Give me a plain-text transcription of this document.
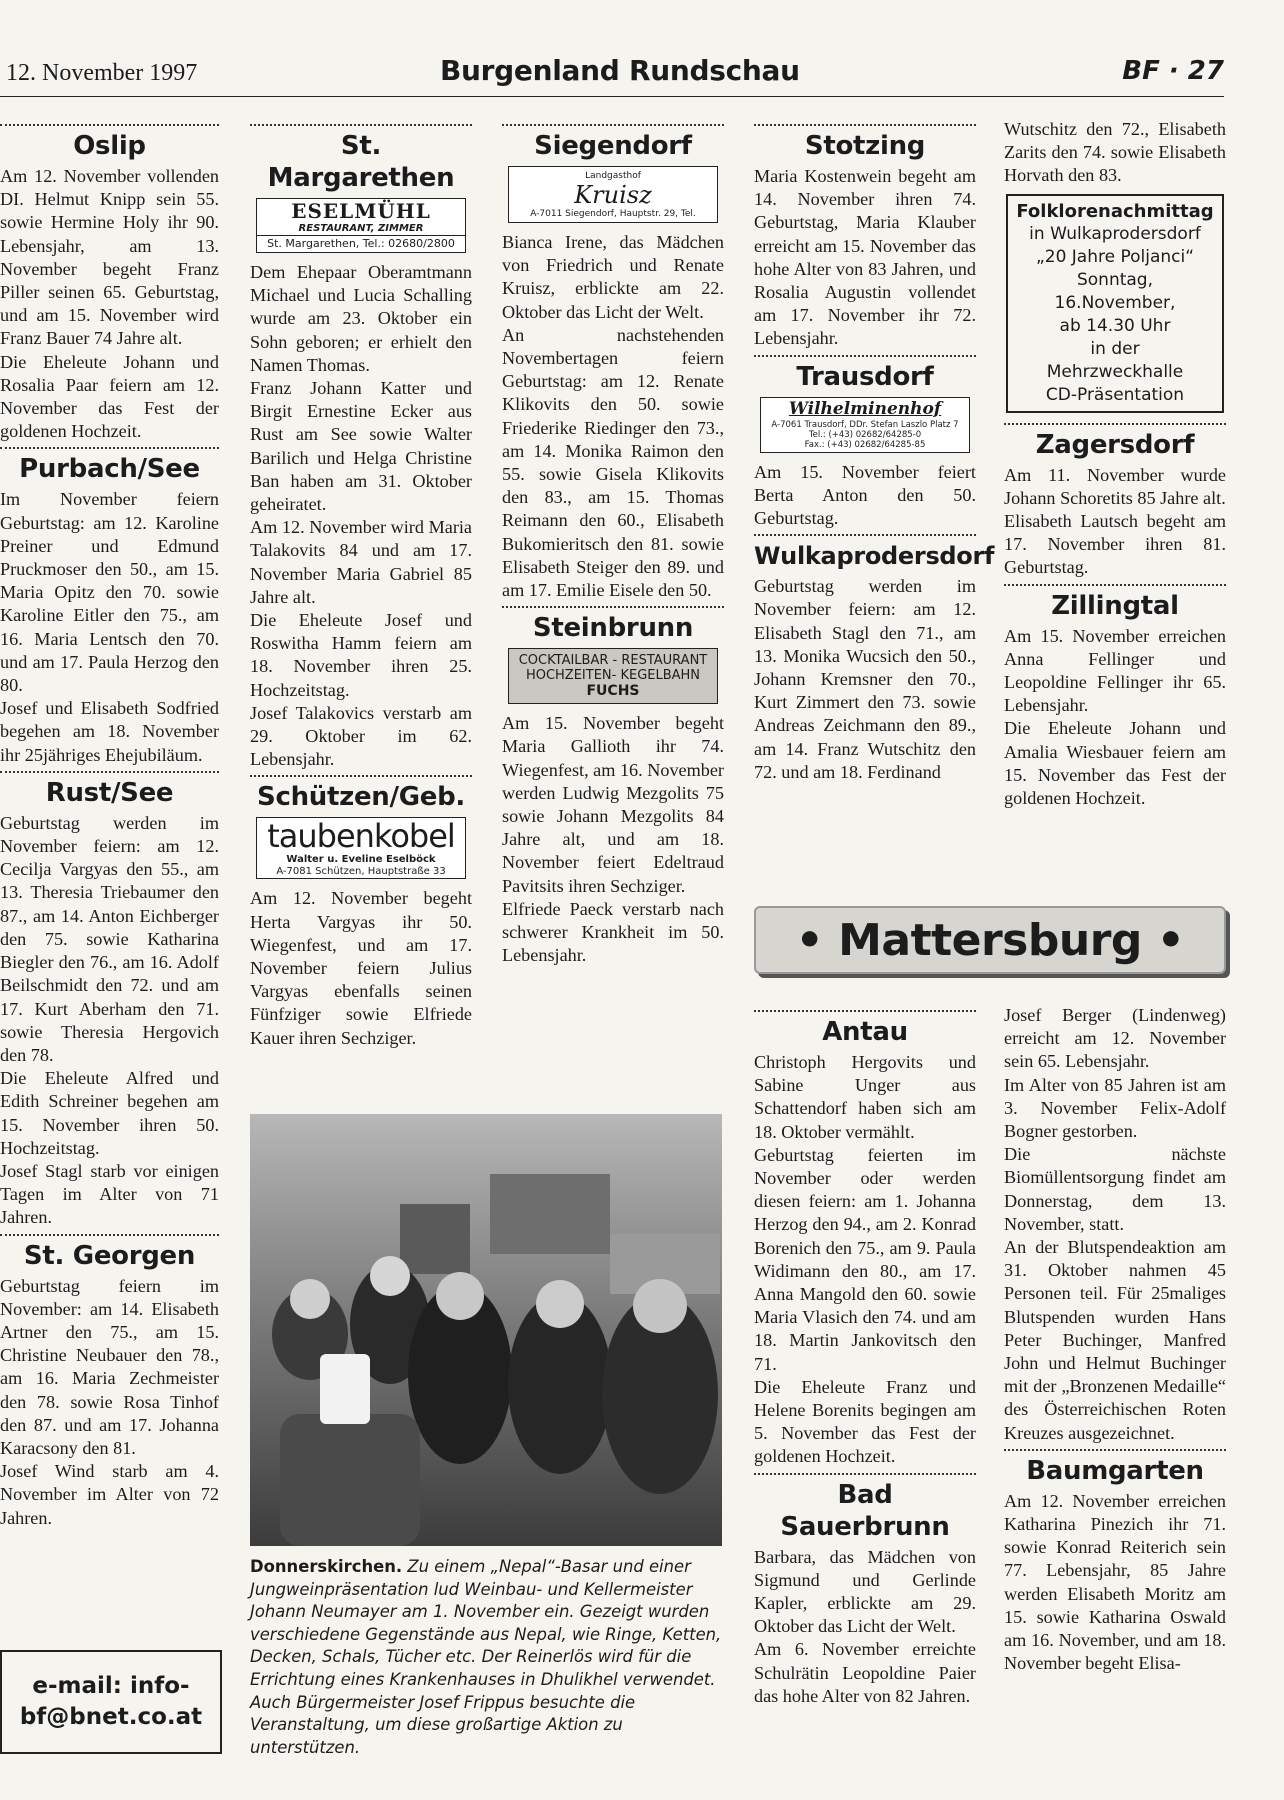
12. November 1997	Burgenland Rundschau	BF · 27
Oslip

Am 12. November vollenden DI. Helmut Knipp sein 55. sowie Hermine Holy ihr 90. Lebensjahr, am 13. November begeht Franz Piller seinen 65. Geburtstag, und am 15. November wird Franz Bauer 74 Jahre alt.

Die Eheleute Johann und Rosalia Paar feiern am 12. November das Fest der goldenen Hochzeit.

Purbach/See

Im November feiern Geburtstag: am 12. Karoline Preiner und Edmund Pruckmoser den 50., am 15. Maria Opitz den 70. sowie Karoline Eitler den 75., am 16. Maria Lentsch den 70. und am 17. Paula Herzog den 80.

Josef und Elisabeth Sodfried begehen am 18. November ihr 25jähriges Ehejubiläum.

Rust/See

Geburtstag werden im November feiern: am 12. Cecilja Vargyas den 55., am 13. Theresia Triebaumer den 87., am 14. Anton Eichberger den 75. sowie Katharina Biegler den 76., am 16. Adolf Beilschmidt den 72. und am 17. Kurt Aberham den 71. sowie Theresia Hergovich den 78.

Die Eheleute Alfred und Edith Schreiner begehen am 15. November ihren 50. Hochzeitstag.

Josef Stagl starb vor einigen Tagen im Alter von 71 Jahren.

St. Georgen

Geburtstag feiern im November: am 14. Elisabeth Artner den 75., am 15. Christine Neubauer den 78., am 16. Maria Zechmeister den 78. sowie Rosa Tinhof den 87. und am 17. Johanna Karacsony den 81.

Josef Wind starb am 4. November im Alter von 72 Jahren.

e-mail: info-
bf@bnet.co.at
St. Margarethen
ESELMÜHL
RESTAURANT, ZIMMER
St. Margarethen, Tel.: 02680/2800

Dem Ehepaar Oberamtmann Michael und Lucia Schalling wurde am 23. Oktober ein Sohn geboren; er erhielt den Namen Thomas.

Franz Johann Katter und Birgit Ernestine Ecker aus Rust am See sowie Walter Barilich und Helga Christine Ban haben am 31. Oktober geheiratet.

Am 12. November wird Maria Talakovits 84 und am 17. November Maria Gabriel 85 Jahre alt.

Die Eheleute Josef und Roswitha Hamm feiern am 18. November ihren 25. Hochzeitstag.

Josef Talakovics verstarb am 29. Oktober im 62. Lebensjahr.

Schützen/Geb.
taubenkobel
Walter u. Eveline Eselböck
A-7081 Schützen, Hauptstraße 33

Am 12. November begeht Herta Vargyas ihr 50. Wiegenfest, und am 17. November feiern Julius Vargyas ebenfalls seinen Fünfziger sowie Elfriede Kauer ihren Sechziger.

Siegendorf
Landgasthof
Kruisz
A-7011 Siegendorf, Hauptstr. 29, Tel.

Bianca Irene, das Mädchen von Friedrich und Renate Kruisz, erblickte am 22. Oktober das Licht der Welt.

An nachstehenden Novembertagen feiern Geburtstag: am 12. Renate Klikovits den 50. sowie Friederike Riedinger den 73., am 14. Monika Raimon den 55. sowie Gisela Klikovits den 83., am 15. Thomas Reimann den 60., Elisabeth Bukomieritsch den 81. sowie Elisabeth Steiger den 89. und am 17. Emilie Eisele den 50.

Steinbrunn
COCKTAILBAR - RESTAURANT
HOCHZEITEN- KEGELBAHN
FUCHS

Am 15. November begeht Maria Gallioth ihr 74. Wiegenfest, am 16. November werden Ludwig Mezgolits 75 sowie Johann Mezgolits 84 Jahre alt, und am 18. November feiert Edeltraud Pavitsits ihren Sechziger.

Elfriede Paeck verstarb nach schwerer Krankheit im 50. Lebensjahr.

Stotzing

Maria Kostenwein begeht am 14. November ihren 74. Geburtstag, Maria Klauber erreicht am 15. November das hohe Alter von 83 Jahren, und Rosalia Augustin vollendet am 17. November ihr 72. Lebensjahr.

Trausdorf
Wilhelminenhof
A-7061 Trausdorf, DDr. Stefan Laszlo Platz 7
Tel.: (+43) 02682/64285-0
Fax.: (+43) 02682/64285-85

Am 15. November feiert Berta Anton den 50. Geburtstag.

Wulkaprodersdorf

Geburtstag werden im November feiern: am 12. Elisabeth Stagl den 71., am 13. Monika Wucsich den 50., Johann Kremsner den 70., Kurt Zimmert den 73. sowie Andreas Zeichmann den 89., am 14. Franz Wutschitz den 72. und am 18. Ferdinand

Wutschitz den 72., Elisabeth Zarits den 74. sowie Elisabeth Horvath den 83.

Folklorenachmittag
in Wulkaprodersdorf
„20 Jahre Poljanci“
Sonntag, 16.November,
ab 14.30 Uhr
in der
Mehrzweckhalle
CD-Präsentation
Zagersdorf

Am 11. November wurde Johann Schoretits 85 Jahre alt.

Elisabeth Lautsch begeht am 17. November ihren 81. Geburtstag.

Zillingtal

Am 15. November erreichen Anna Fellinger und Leopoldine Fellinger ihr 65. Lebensjahr.

Die Eheleute Johann und Amalia Wiesbauer feiern am 15. November das Fest der goldenen Hochzeit.

• Mattersburg •
Antau

Christoph Hergovits und Sabine Unger aus Schattendorf haben sich am 18. Oktober vermählt.

Geburtstag feierten im November oder werden diesen feiern: am 1. Johanna Herzog den 94., am 2. Konrad Borenich den 75., am 9. Paula Widimann den 80., am 17. Anna Mangold den 60. sowie Maria Vlasich den 74. und am 18. Martin Jankovitsch den 71.

Die Eheleute Franz und Helene Borenits begingen am 5. November das Fest der goldenen Hochzeit.

Bad Sauerbrunn

Barbara, das Mädchen von Sigmund und Gerlinde Kapler, erblickte am 29. Oktober das Licht der Welt.

Am 6. November erreichte Schulrätin Leopoldine Paier das hohe Alter von 82 Jahren.

Josef Berger (Lindenweg) erreicht am 12. November sein 65. Lebensjahr.

Im Alter von 85 Jahren ist am 3. November Felix-Adolf Bogner gestorben.

Die nächste Biomüllentsorgung findet am Donnerstag, dem 13. November, statt.

An der Blutspendeaktion am 31. Oktober nahmen 45 Personen teil. Für 25maliges Blutspenden wurden Hans Peter Buchinger, Manfred John und Helmut Buchinger mit der „Bronzenen Medaille“ des Österreichischen Roten Kreuzes ausgezeichnet.

Baumgarten

Am 12. November erreichen Katharina Pinezich ihr 71. sowie Konrad Reiterich sein 77. Lebensjahr, 85 Jahre werden Elisabeth Moritz am 15. sowie Katharina Oswald am 16. November, und am 18. November begeht Elisa-

Donnerskirchen. Zu einem „Nepal“-Basar und einer Jungweinpräsentation lud Weinbau- und Kellermeister Johann Neumayer am 1. November ein. Gezeigt wurden verschiedene Gegenstände aus Nepal, wie Ringe, Ketten, Decken, Schals, Tücher etc. Der Reinerlös wird für die Errichtung eines Krankenhauses in Dhulikhel verwendet. Auch Bürgermeister Josef Frippus besuchte die Veranstaltung, um diese großartige Aktion zu unterstützen.
